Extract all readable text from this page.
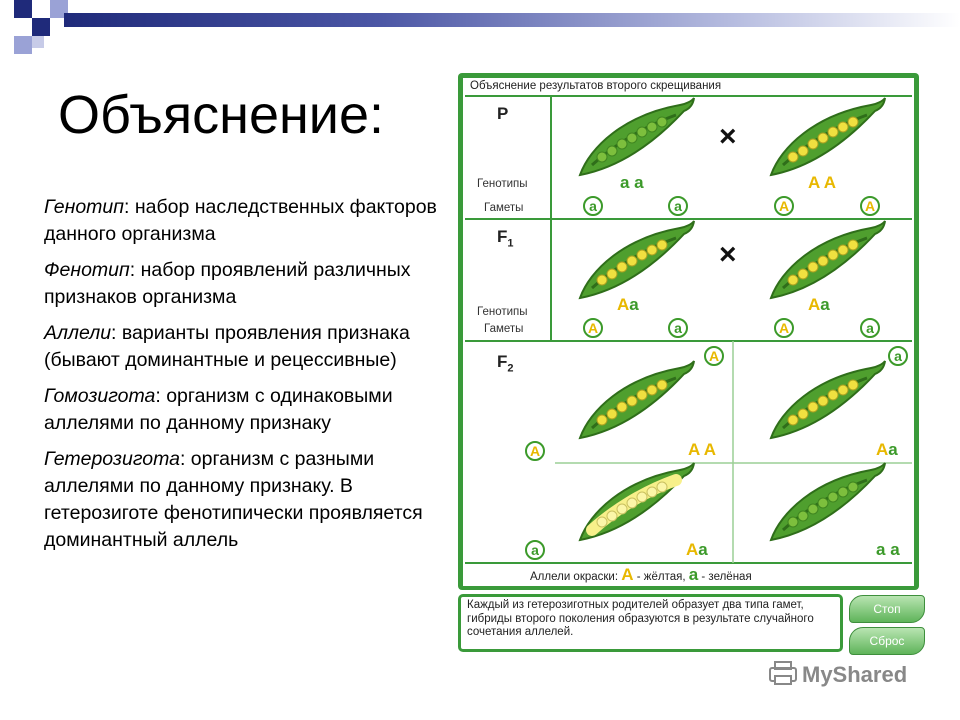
Объяснение:

Генотип: набор наследственных факторов данного организма

Фенотип: набор проявлений различных признаков организма

Аллели: варианты проявления признака (бывают доминантные и рецессивные)

Гомозигота: организм с одинаковыми аллелями по данному признаку

Гетерозигота: организм с разными аллелями по данному признаку. В гетерозиготе фенотипически проявляется доминантный аллель

Объяснение результатов второго скрещивания
P
Генотипы
Гаметы
×
a a	A A
a	a	A	A
$F_1$
Генотипы
Гаметы
×
Aa	Aa
A	a	A	a
$F_2$
A	a
A
a
A A	Aa
Aa	a a
Аллели окраски: A - жёлтая, a - зелёная
Каждый из гетерозиготных родителей образует два типа гамет, гибриды второго поколения образуются в результате случайного сочетания аллелей.
Стоп
Сброс
MyShared
